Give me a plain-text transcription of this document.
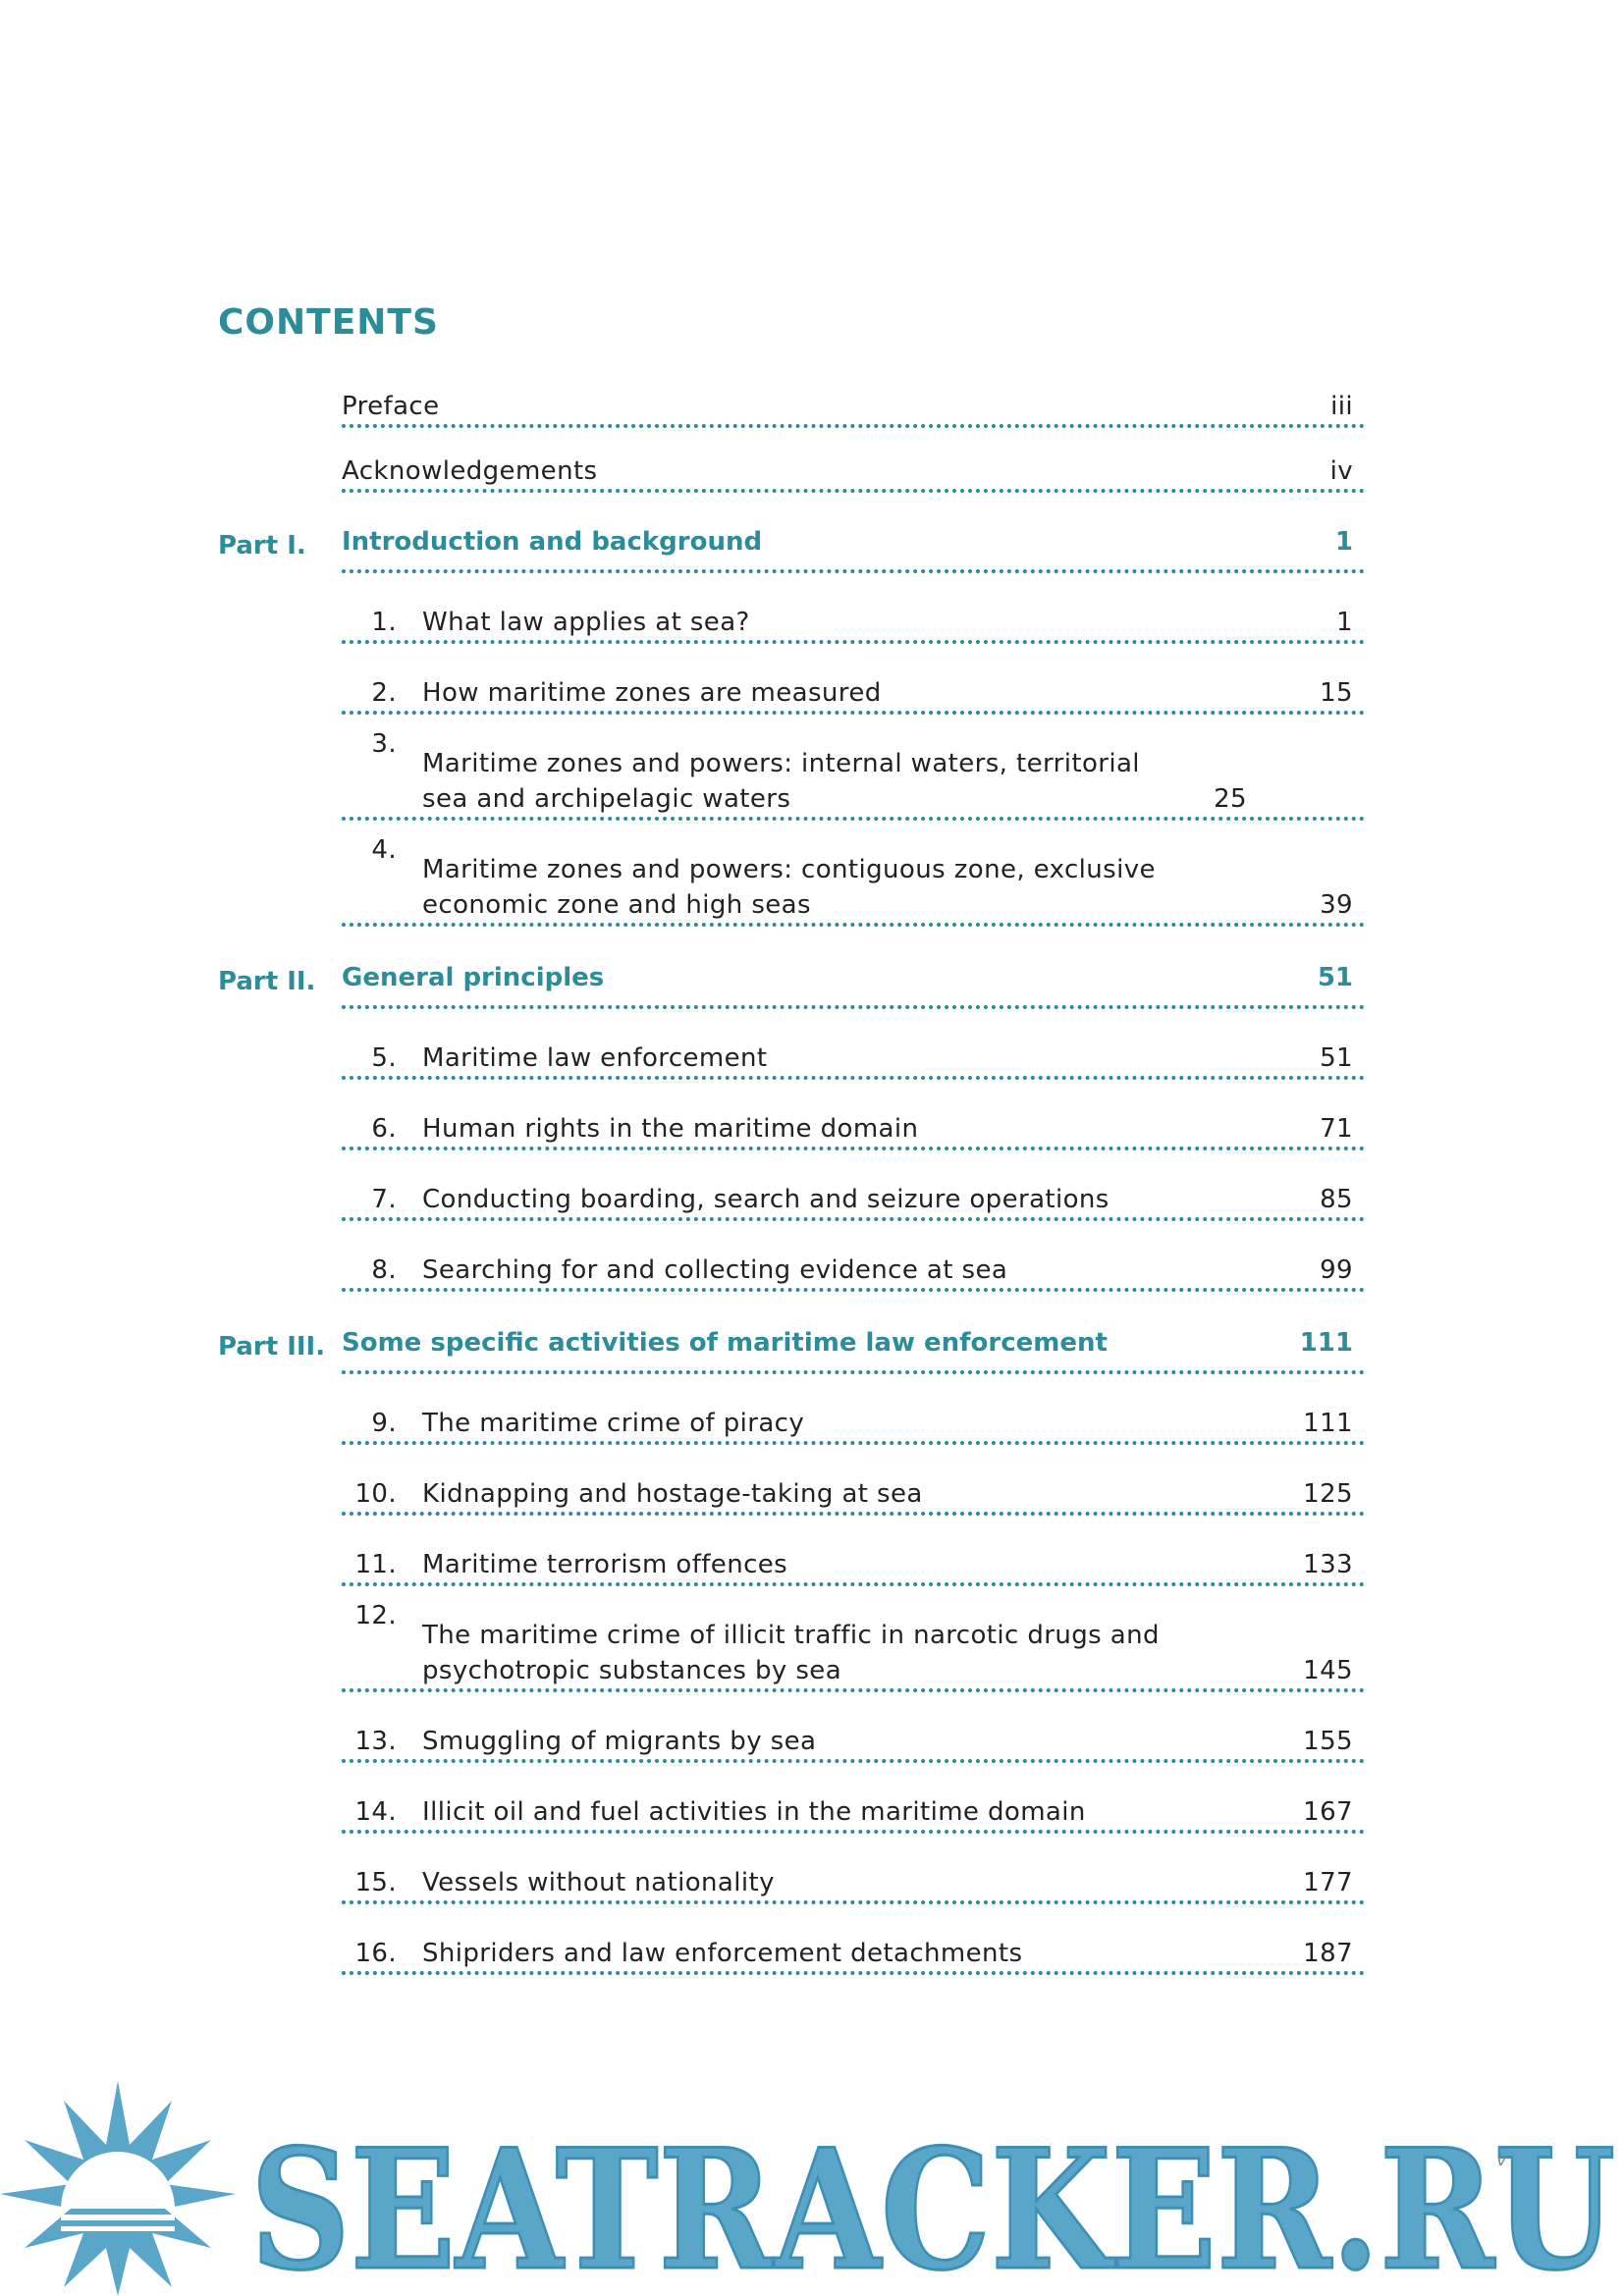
CONTENTS
Preface	iii
Acknowledgements	iv
Part I.	Introduction and background	1
1. What law applies at sea?	1
2. How maritime zones are measured	15
3.
Maritime zones and powers: internal waters, territorial sea and archipelagic waters	25
4.
Maritime zones and powers: contiguous zone, exclusive economic zone and high seas	39
Part II.	General principles	51
5. Maritime law enforcement	51
6. Human rights in the maritime domain	71
7. Conducting boarding, search and seizure operations	85
8. Searching for and collecting evidence at sea	99
Part III. Some specific activities of maritime law enforcement	111
9. The maritime crime of piracy	111
10. Kidnapping and hostage-taking at sea	125
11. Maritime terrorism offences	133
12.
The maritime crime of illicit traffic in narcotic drugs and psychotropic substances by sea	145
13. Smuggling of migrants by sea	155
14. Illicit oil and fuel activities in the maritime domain	167
15. Vessels without nationality	177
16. Shipriders and law enforcement detachments	187
SEATRACKER.RU
v
